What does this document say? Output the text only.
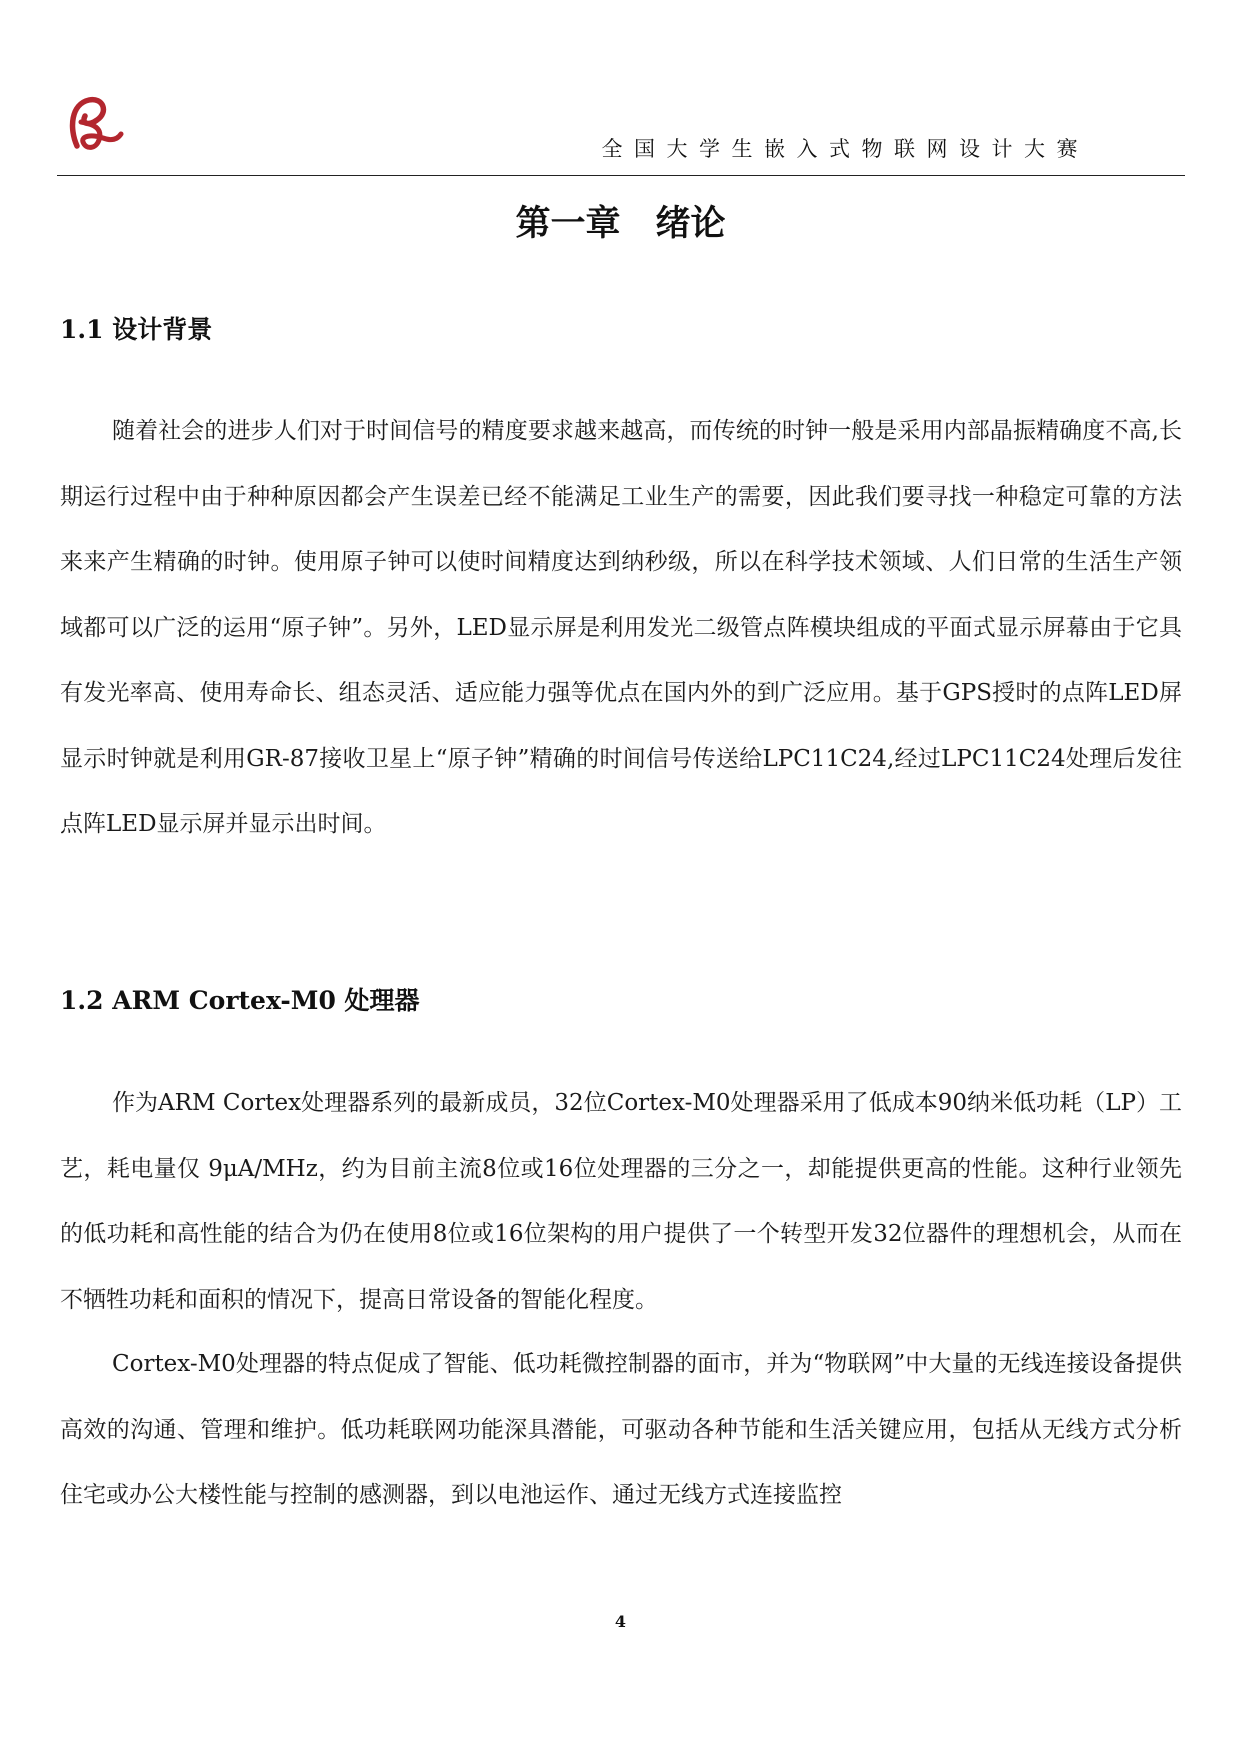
全国大学生嵌入式物联网设计大赛
第一章　绪论
1.1 设计背景
随着社会的进步人们对于时间信号的精度要求越来越高，而传统的时钟一般是采用内部晶振精确度不高,长期运行过程中由于种种原因都会产生误差已经不能满足工业生产的需要，因此我们要寻找一种稳定可靠的方法来来产生精确的时钟。使用原子钟可以使时间精度达到纳秒级，所以在科学技术领域、人们日常的生活生产领域都可以广泛的运用“原子钟”。另外，LED显示屏是利用发光二级管点阵模块组成的平面式显示屏幕由于它具有发光率高、使用寿命长、组态灵活、适应能力强等优点在国内外的到广泛应用。基于GPS授时的点阵LED屏显示时钟就是利用GR-87接收卫星上“原子钟”精确的时间信号传送给LPC11C24,经过LPC11C24处理后发往点阵LED显示屏并显示出时间。
1.2 ARM Cortex-M0 处理器
作为ARM Cortex处理器系列的最新成员，32位Cortex-M0处理器采用了低成本90纳米低功耗（LP）工艺，耗电量仅 9μA/MHz，约为目前主流8位或16位处理器的三分之一，却能提供更高的性能。这种行业领先的低功耗和高性能的结合为仍在使用8位或16位架构的用户提供了一个转型开发32位器件的理想机会，从而在不牺牲功耗和面积的情况下，提高日常设备的智能化程度。
Cortex-M0处理器的特点促成了智能、低功耗微控制器的面市，并为“物联网”中大量的无线连接设备提供高效的沟通、管理和维护。低功耗联网功能深具潜能，可驱动各种节能和生活关键应用，包括从无线方式分析住宅或办公大楼性能与控制的感测器，到以电池运作、通过无线方式连接监控
4
